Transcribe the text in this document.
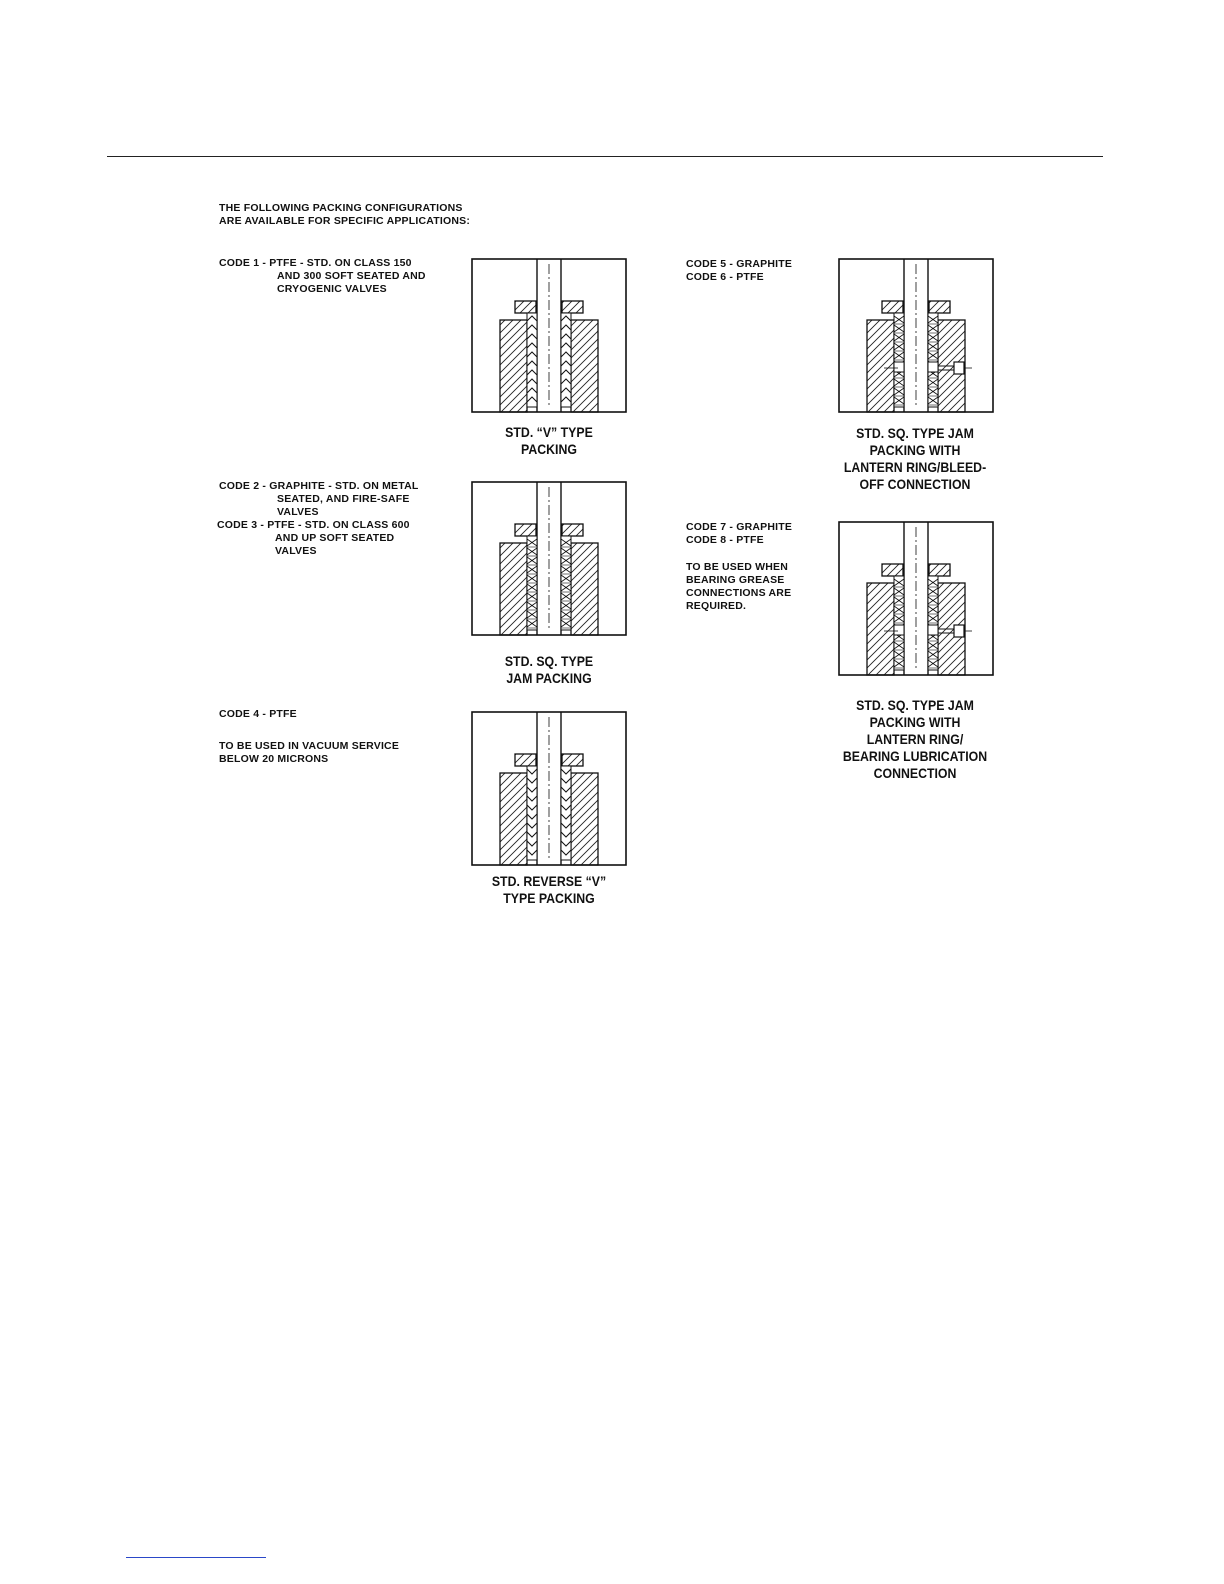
THE FOLLOWING PACKING CONFIGURATIONS
ARE AVAILABLE FOR SPECIFIC APPLICATIONS:
CODE 1 - PTFE - STD. ON CLASS 150
AND 300 SOFT SEATED AND
CRYOGENIC VALVES
CODE 2 - GRAPHITE - STD. ON METAL
SEATED, AND FIRE-SAFE
VALVES
CODE 3 - PTFE - STD. ON CLASS 600
AND UP SOFT SEATED
VALVES
CODE 4 - PTFE
TO BE USED IN VACUUM SERVICE
BELOW 20 MICRONS
CODE 5 - GRAPHITE
CODE 6 - PTFE
CODE 7 - GRAPHITE
CODE 8 - PTFE
TO BE USED WHEN
BEARING GREASE
CONNECTIONS ARE
REQUIRED.
STD. “V” TYPE
PACKING
STD. SQ. TYPE
JAM PACKING
STD. REVERSE “V”
TYPE PACKING
STD. SQ. TYPE JAM
PACKING WITH
LANTERN RING/BLEED-
OFF CONNECTION
STD. SQ. TYPE JAM
PACKING WITH
LANTERN RING/
BEARING LUBRICATION
CONNECTION
